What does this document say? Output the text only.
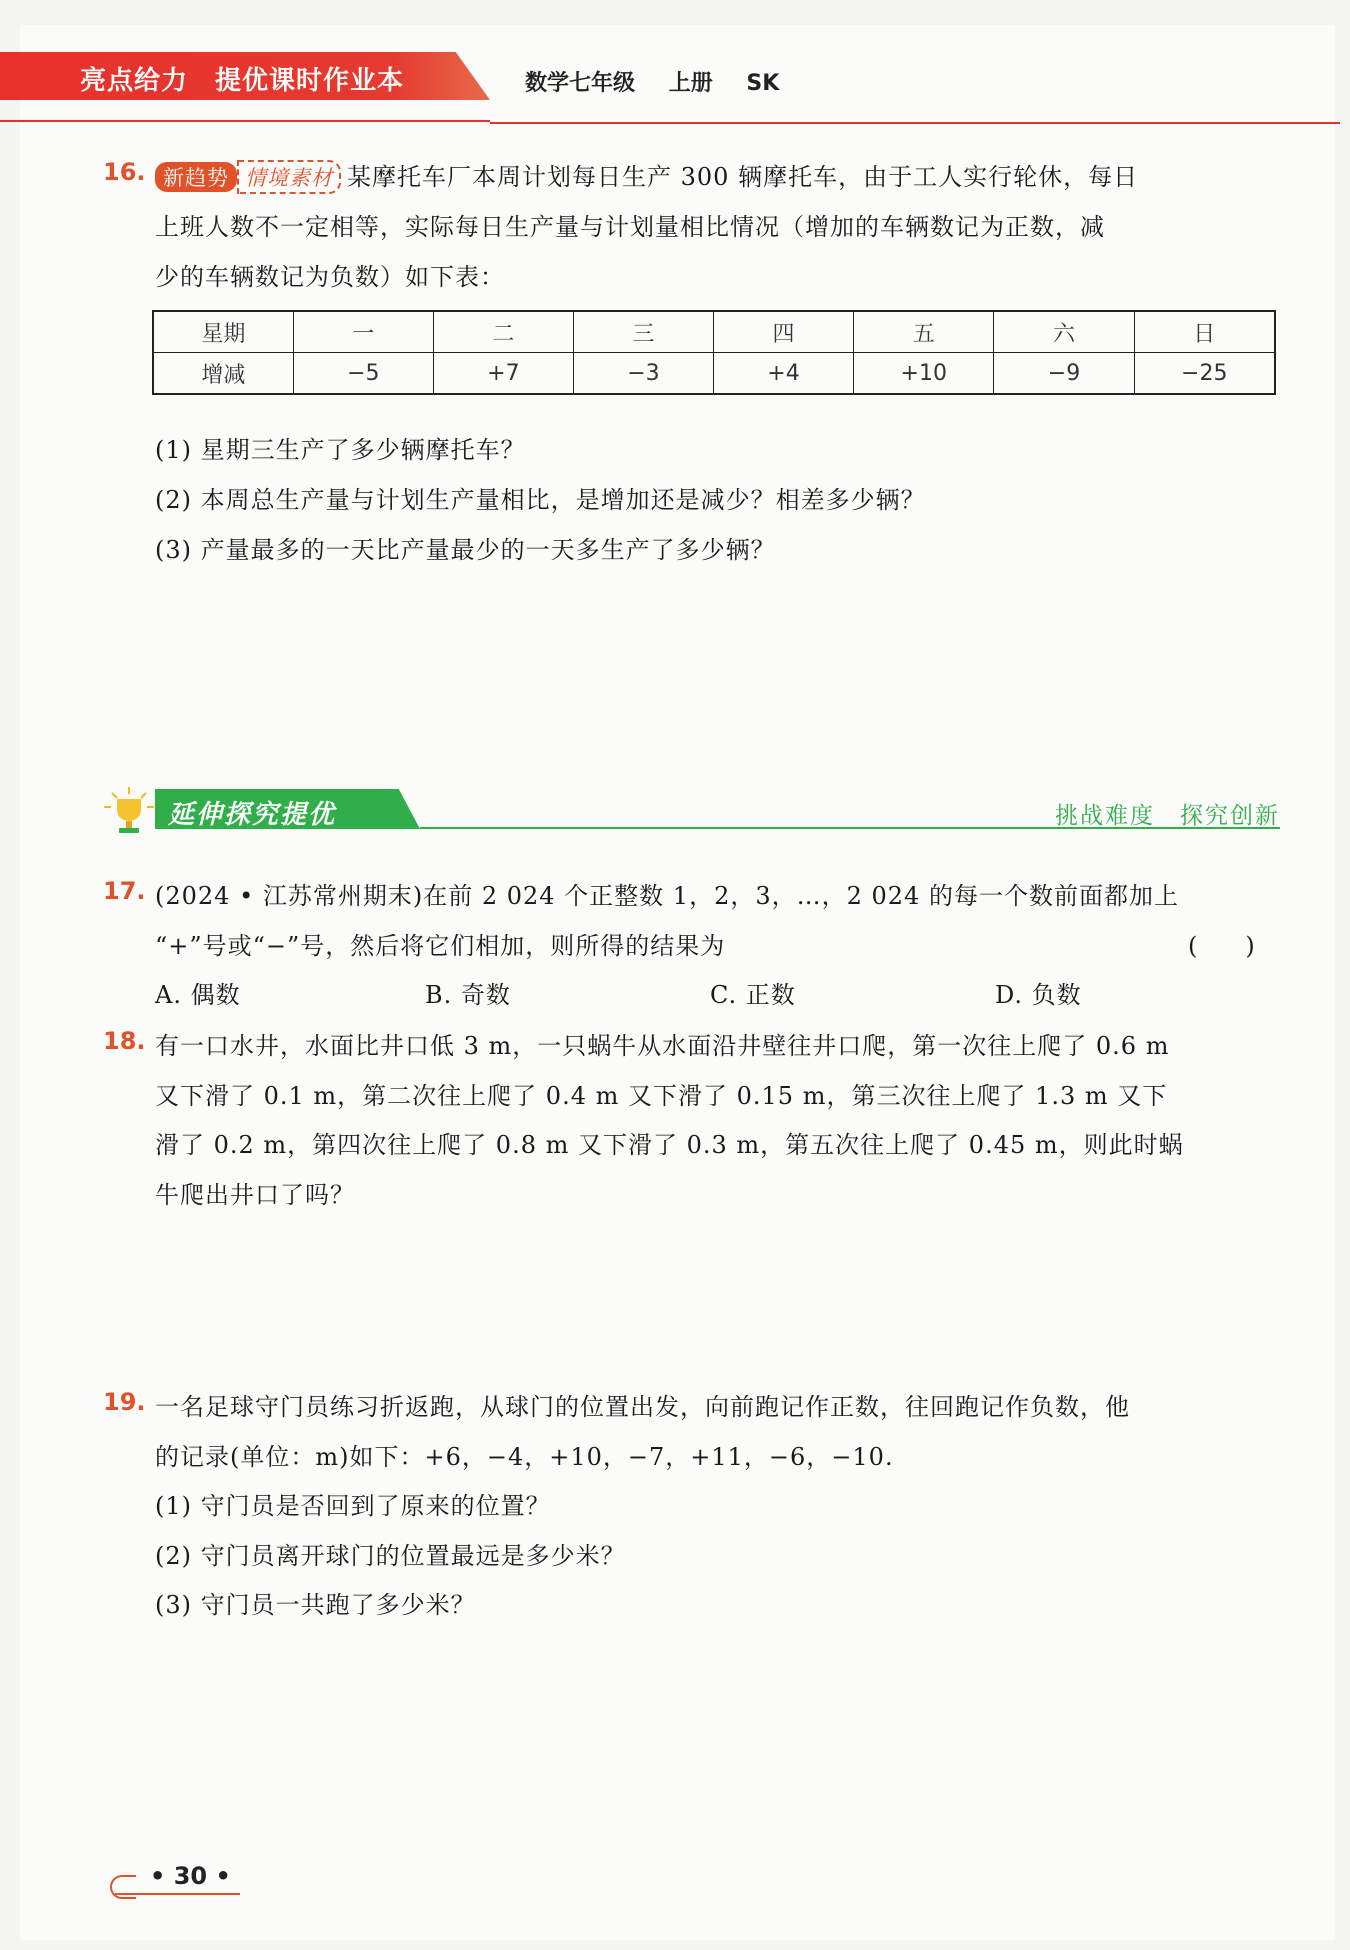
亮点给力　提优课时作业本	数学七年级 上册 SK
16. 新趋势 情境素材 某摩托车厂本周计划每日生产 300 辆摩托车，由于工人实行轮休，每日
上班人数不一定相等，实际每日生产量与计划量相比情况（增加的车辆数记为正数，减
少的车辆数记为负数）如下表：
星期	一	二	三	四	五	六	日
增减	−5	+7	−3	+4	+10	−9	−25
(1) 星期三生产了多少辆摩托车？
(2) 本周总生产量与计划生产量相比，是增加还是减少？相差多少辆？
(3) 产量最多的一天比产量最少的一天多生产了多少辆？
延伸探究提优	挑战难度　探究创新
17. (2024 • 江苏常州期末)在前 2 024 个正整数 1，2，3，…，2 024 的每一个数前面都加上
“+”号或“−”号，然后将它们相加，则所得的结果为	(　　)
A. 偶数	B. 奇数	C. 正数	D. 负数
18. 有一口水井，水面比井口低 3 m，一只蜗牛从水面沿井壁往井口爬，第一次往上爬了 0.6 m
又下滑了 0.1 m，第二次往上爬了 0.4 m 又下滑了 0.15 m，第三次往上爬了 1.3 m 又下
滑了 0.2 m，第四次往上爬了 0.8 m 又下滑了 0.3 m，第五次往上爬了 0.45 m，则此时蜗
牛爬出井口了吗？
19. 一名足球守门员练习折返跑，从球门的位置出发，向前跑记作正数，往回跑记作负数，他
的记录(单位：m)如下：+6，−4，+10，−7，+11，−6，−10.
(1) 守门员是否回到了原来的位置？
(2) 守门员离开球门的位置最远是多少米？
(3) 守门员一共跑了多少米？
• 30 •
